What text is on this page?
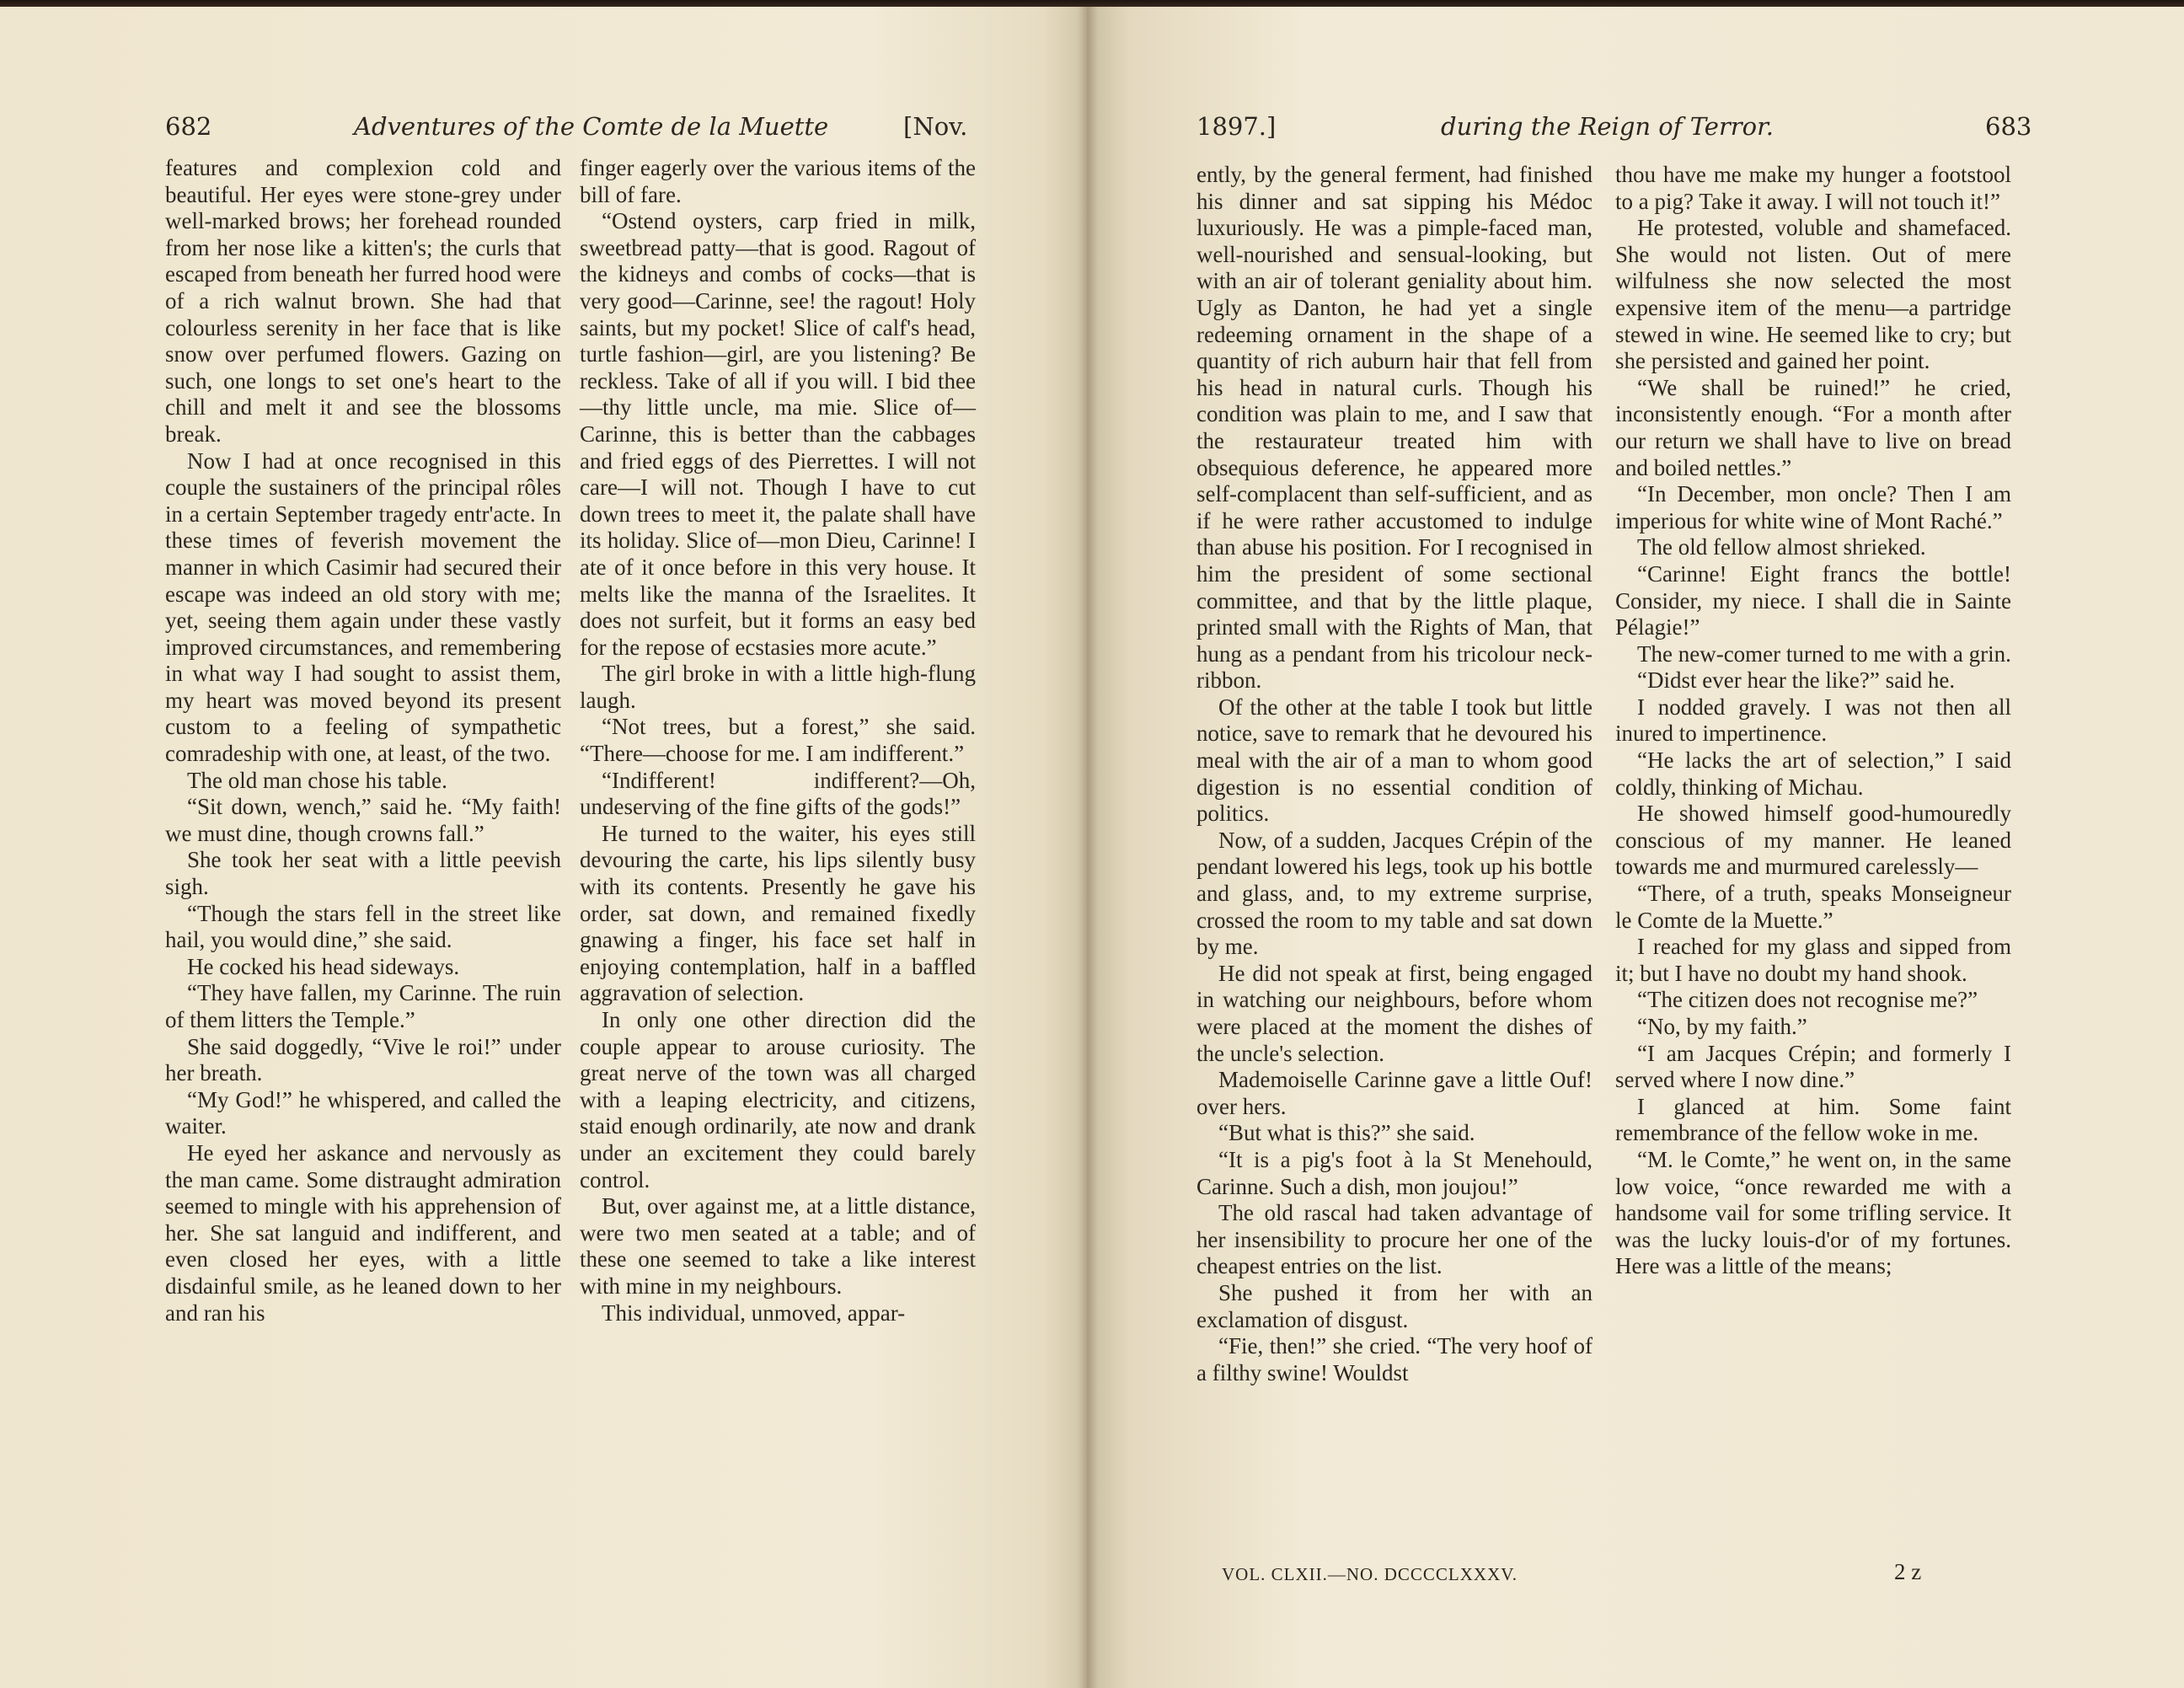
682	Adventures of the Comte de la Muette	[Nov.

features and complexion cold and beautiful. Her eyes were stone-grey under well-marked brows; her forehead rounded from her nose like a kitten's; the curls that escaped from beneath her furred hood were of a rich walnut brown. She had that colourless serenity in her face that is like snow over perfumed flowers. Gazing on such, one longs to set one's heart to the chill and melt it and see the blossoms break.

Now I had at once recognised in this couple the sustainers of the principal rôles in a certain September tragedy entr'acte. In these times of feverish movement the manner in which Casimir had secured their escape was indeed an old story with me; yet, seeing them again under these vastly improved circumstances, and remembering in what way I had sought to assist them, my heart was moved beyond its present custom to a feeling of sympathetic comradeship with one, at least, of the two.

The old man chose his table.

“Sit down, wench,” said he. “My faith! we must dine, though crowns fall.”

She took her seat with a little peevish sigh.

“Though the stars fell in the street like hail, you would dine,” she said.

He cocked his head sideways.

“They have fallen, my Carinne. The ruin of them litters the Temple.”

She said doggedly, “Vive le roi!” under her breath.

“My God!” he whispered, and called the waiter.

He eyed her askance and nervously as the man came. Some distraught admiration seemed to mingle with his apprehension of her. She sat languid and indifferent, and even closed her eyes, with a little disdainful smile, as he leaned down to her and ran his

finger eagerly over the various items of the bill of fare.

“Ostend oysters, carp fried in milk, sweetbread patty—that is good. Ragout of the kidneys and combs of cocks—that is very good—Carinne, see! the ragout! Holy saints, but my pocket! Slice of calf's head, turtle fashion—girl, are you listening? Be reckless. Take of all if you will. I bid thee—thy little uncle, ma mie. Slice of—Carinne, this is better than the cabbages and fried eggs of des Pierrettes. I will not care—I will not. Though I have to cut down trees to meet it, the palate shall have its holiday. Slice of—mon Dieu, Carinne! I ate of it once before in this very house. It melts like the manna of the Israelites. It does not surfeit, but it forms an easy bed for the repose of ecstasies more acute.”

The girl broke in with a little high-flung laugh.

“Not trees, but a forest,” she said. “There—choose for me. I am indifferent.”

“Indifferent! indifferent?—Oh, undeserving of the fine gifts of the gods!”

He turned to the waiter, his eyes still devouring the carte, his lips silently busy with its contents. Presently he gave his order, sat down, and remained fixedly gnawing a finger, his face set half in enjoying contemplation, half in a baffled aggravation of selection.

In only one other direction did the couple appear to arouse curiosity. The great nerve of the town was all charged with a leaping electricity, and citizens, staid enough ordinarily, ate now and drank under an excitement they could barely control.

But, over against me, at a little distance, were two men seated at a table; and of these one seemed to take a like interest with mine in my neighbours.

This individual, unmoved, appar-

1897.]	during the Reign of Terror.	683

ently, by the general ferment, had finished his dinner and sat sipping his Médoc luxuriously. He was a pimple-faced man, well-nourished and sensual-looking, but with an air of tolerant geniality about him. Ugly as Danton, he had yet a single redeeming ornament in the shape of a quantity of rich auburn hair that fell from his head in natural curls. Though his condition was plain to me, and I saw that the restaurateur treated him with obsequious deference, he appeared more self-complacent than self-sufficient, and as if he were rather accustomed to indulge than abuse his position. For I recognised in him the president of some sectional committee, and that by the little plaque, printed small with the Rights of Man, that hung as a pendant from his tricolour neck-ribbon.

Of the other at the table I took but little notice, save to remark that he devoured his meal with the air of a man to whom good digestion is no essential condition of politics.

Now, of a sudden, Jacques Crépin of the pendant lowered his legs, took up his bottle and glass, and, to my extreme surprise, crossed the room to my table and sat down by me.

He did not speak at first, being engaged in watching our neighbours, before whom were placed at the moment the dishes of the uncle's selection.

Mademoiselle Carinne gave a little Ouf! over hers.

“But what is this?” she said.

“It is a pig's foot à la St Menehould, Carinne. Such a dish, mon joujou!”

The old rascal had taken advantage of her insensibility to procure her one of the cheapest entries on the list.

She pushed it from her with an exclamation of disgust.

“Fie, then!” she cried. “The very hoof of a filthy swine! Wouldst

thou have me make my hunger a footstool to a pig? Take it away. I will not touch it!”

He protested, voluble and shamefaced. She would not listen. Out of mere wilfulness she now selected the most expensive item of the menu—a partridge stewed in wine. He seemed like to cry; but she persisted and gained her point.

“We shall be ruined!” he cried, inconsistently enough. “For a month after our return we shall have to live on bread and boiled nettles.”

“In December, mon oncle? Then I am imperious for white wine of Mont Raché.”

The old fellow almost shrieked.

“Carinne! Eight francs the bottle! Consider, my niece. I shall die in Sainte Pélagie!”

The new-comer turned to me with a grin.

“Didst ever hear the like?” said he.

I nodded gravely. I was not then all inured to impertinence.

“He lacks the art of selection,” I said coldly, thinking of Michau.

He showed himself good-humouredly conscious of my manner. He leaned towards me and murmured carelessly—

“There, of a truth, speaks Monseigneur le Comte de la Muette.”

I reached for my glass and sipped from it; but I have no doubt my hand shook.

“The citizen does not recognise me?”

“No, by my faith.”

“I am Jacques Crépin; and formerly I served where I now dine.”

I glanced at him. Some faint remembrance of the fellow woke in me.

“M. le Comte,” he went on, in the same low voice, “once rewarded me with a handsome vail for some trifling service. It was the lucky louis-d'or of my fortunes. Here was a little of the means;

VOL. CLXII.—NO. DCCCCLXXXV.	2 z
